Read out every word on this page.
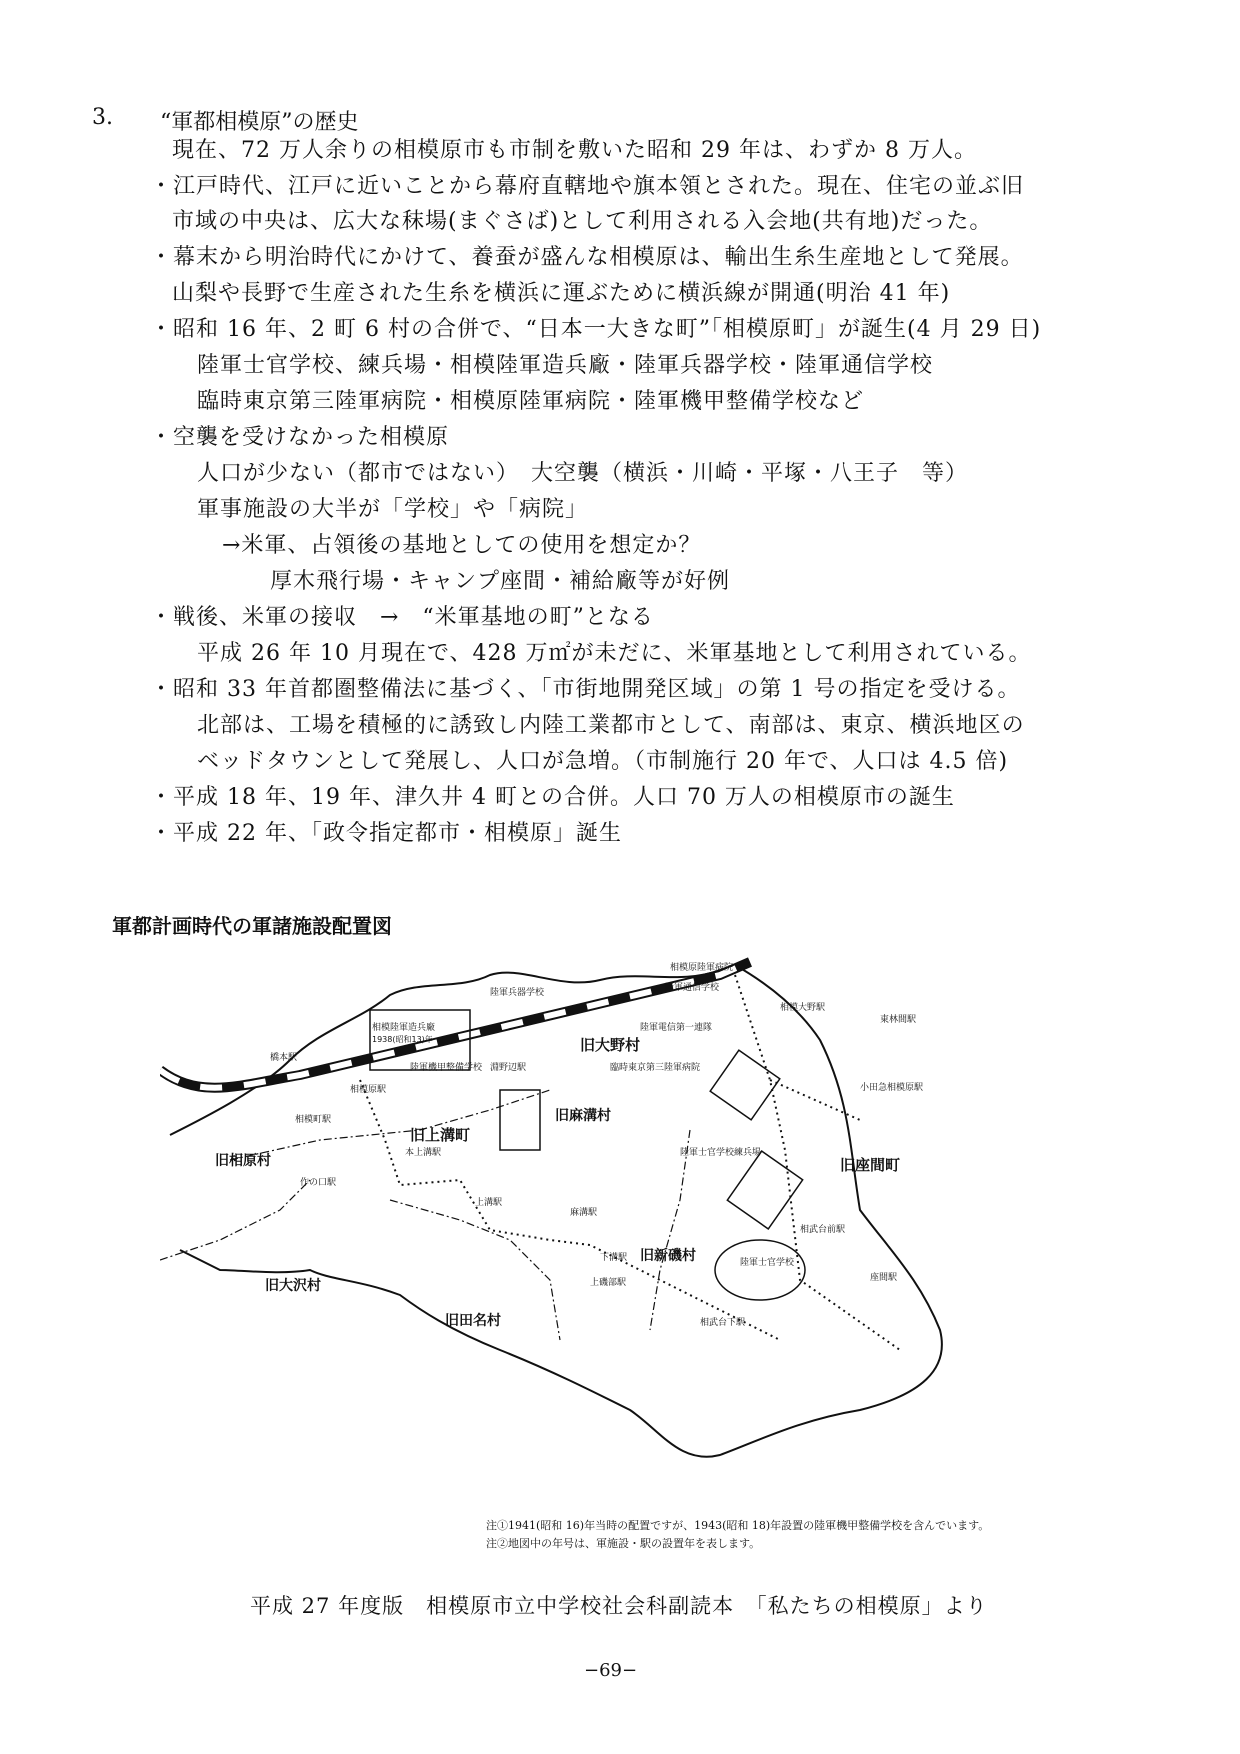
3. “軍都相模原”の歴史
現在、72 万人余りの相模原市も市制を敷いた昭和 29 年は、わずか 8 万人。
・江戸時代、江戸に近いことから幕府直轄地や旗本領とされた。現在、住宅の並ぶ旧
市域の中央は、広大な秣場(まぐさば)として利用される入会地(共有地)だった。
・幕末から明治時代にかけて、養蚕が盛んな相模原は、輸出生糸生産地として発展。
山梨や長野で生産された生糸を横浜に運ぶために横浜線が開通(明治 41 年)
・昭和 16 年、2 町 6 村の合併で、“日本一大きな町”「相模原町」が誕生(4 月 29 日)
陸軍士官学校、練兵場・相模陸軍造兵廠・陸軍兵器学校・陸軍通信学校
臨時東京第三陸軍病院・相模原陸軍病院・陸軍機甲整備学校など
・空襲を受けなかった相模原
人口が少ない（都市ではない）　大空襲（横浜・川崎・平塚・八王子　等）
軍事施設の大半が「学校」や「病院」
→米軍、占領後の基地としての使用を想定か？
厚木飛行場・キャンプ座間・補給廠等が好例
・戦後、米軍の接収　→　“米軍基地の町”となる
平成 26 年 10 月現在で、428 万㎡が未だに、米軍基地として利用されている。
・昭和 33 年首都圏整備法に基づく、「市街地開発区域」の第 1 号の指定を受ける。
北部は、工場を積極的に誘致し内陸工業都市として、南部は、東京、横浜地区の
ベッドタウンとして発展し、人口が急増。（市制施行 20 年で、人口は 4.5 倍)
・平成 18 年、19 年、津久井 4 町との合併。人口 70 万人の相模原市の誕生
・平成 22 年、「政令指定都市・相模原」誕生
軍都計画時代の軍諸施設配置図
旧大野村
旧麻溝村
旧上溝町
旧相原村
旧大沢村
旧田名村
旧新磯村
旧座間町
陸軍兵器学校
相模陸軍造兵廠
1938(昭和13)年
相模原陸軍病院
陸軍通信学校
陸軍電信第一連隊
臨時東京第三陸軍病院
陸軍機甲整備学校
陸軍士官学校練兵場
陸軍士官学校
橋本駅
淵野辺駅
相模原駅
相模町駅
作の口駅
本上溝駅
上溝駅
麻溝駅
下溝駅
上磯部駅
相武台下駅
相模大野駅
東林間駅
小田急相模原駅
相武台前駅
座間駅
注①1941(昭和 16)年当時の配置ですが、1943(昭和 18)年設置の陸軍機甲整備学校を含んでいます。
注②地図中の年号は、軍施設・駅の設置年を表します。
平成 27 年度版　相模原市立中学校社会科副読本　「私たちの相模原」より
−69−
